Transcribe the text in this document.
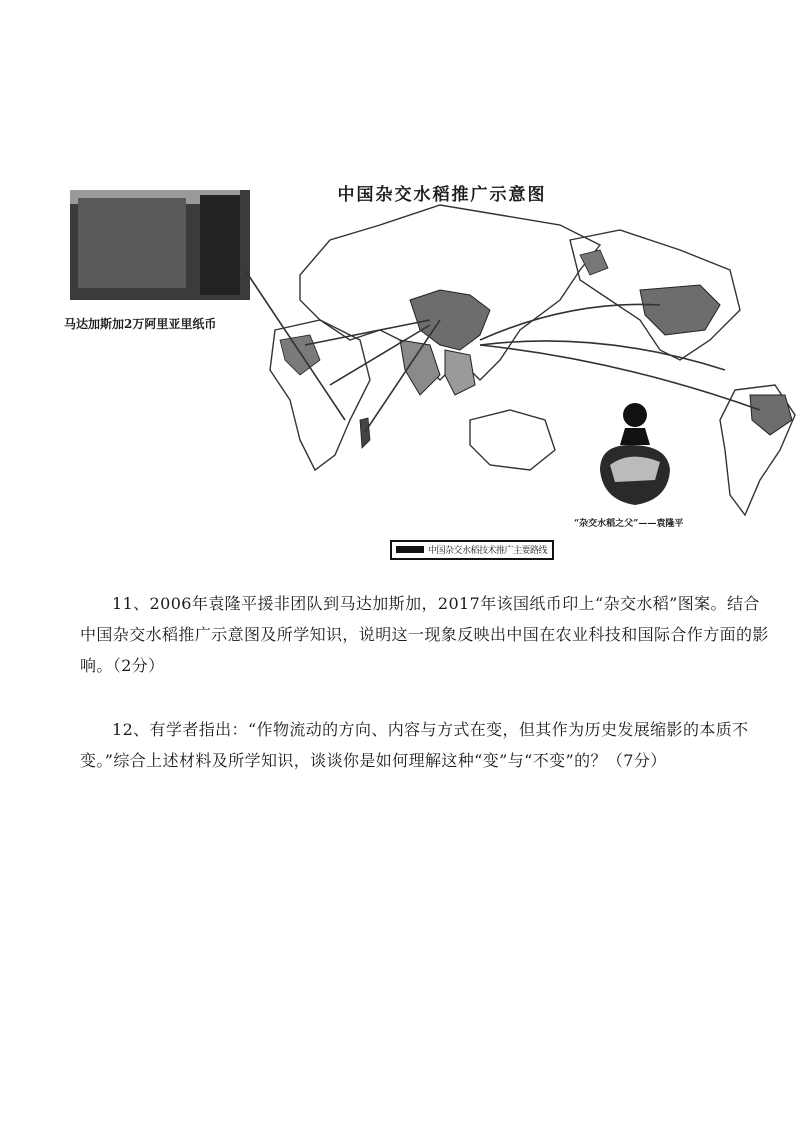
中国杂交水稻推广示意图
马达加斯加2万阿里亚里纸币
“杂交水稻之父”——袁隆平
中国杂交水稻技术推广主要路线

11、2006年袁隆平援非团队到马达加斯加，2017年该国纸币印上“杂交水稻”图案。结合中国杂交水稻推广示意图及所学知识，说明这一现象反映出中国在农业科技和国际合作方面的影响。（2分）

12、有学者指出：“作物流动的方向、内容与方式在变，但其作为历史发展缩影的本质不变。”综合上述材料及所学知识，谈谈你是如何理解这种“变”与“不变”的？（7分）
